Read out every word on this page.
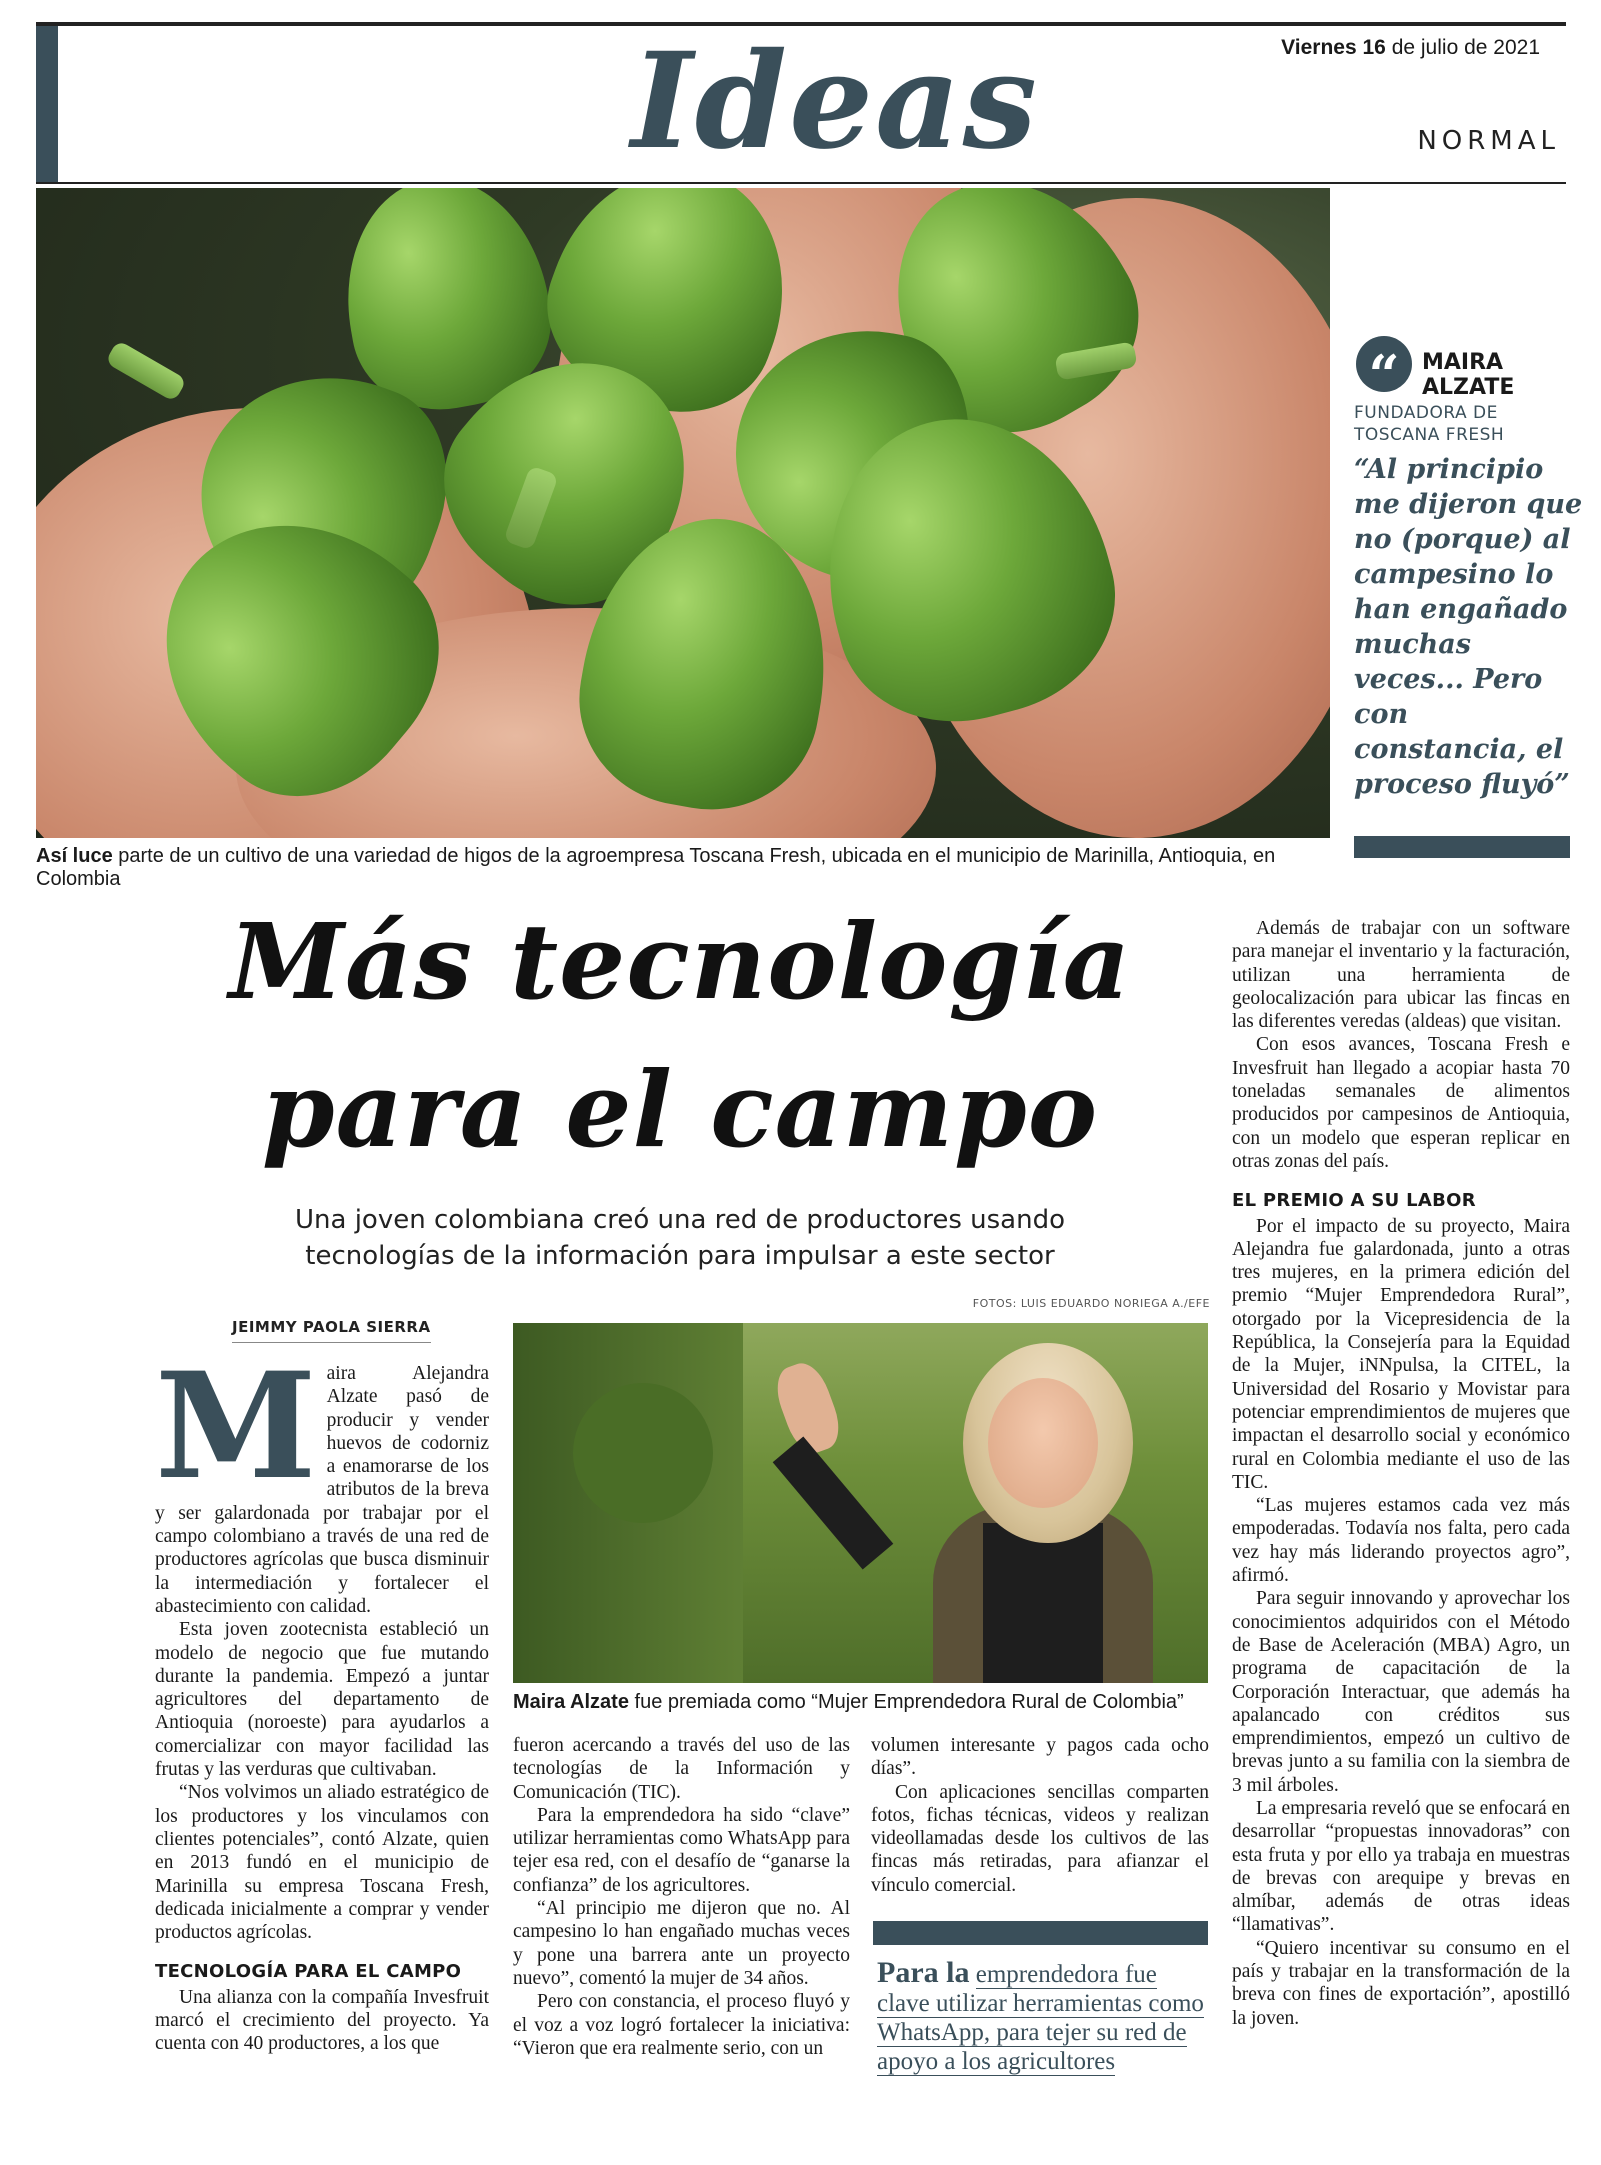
Ideas	Viernes 16 de julio de 2021
NORMAL
Así luce parte de un cultivo de una variedad de higos de la agroempresa Toscana Fresh, ubicada en el municipio de Marinilla, Antioquia, en Colombia
“	MAIRA
ALZATE
FUNDADORA DE
TOSCANA FRESH
“Al principio me dijeron que no (porque) al campesino lo han engañado muchas veces... Pero con constancia, el proceso fluyó”
Más tecnología
para el campo
Una joven colombiana creó una red de productores usando
tecnologías de la información para impulsar a este sector
FOTOS: LUIS EDUARDO NORIEGA A./EFE
JEIMMY PAOLA SIERRA
M aira Alejandra Alzate pasó de producir y vender huevos de codorniz a enamorarse de los atributos de la breva y ser galardonada por trabajar por el campo colombiano a través de una red de productores agrícolas que busca disminuir la intermediación y fortalecer el abastecimiento con calidad.

Esta joven zootecnista estableció un modelo de negocio que fue mutando durante la pandemia. Empezó a juntar agricultores del departamento de Antioquia (noroeste) para ayudarlos a comercializar con mayor facilidad las frutas y las verduras que cultivaban.

“Nos volvimos un aliado estratégico de los productores y los vinculamos con clientes potenciales”, contó Alzate, quien en 2013 fundó en el municipio de Marinilla su empresa Toscana Fresh, dedicada inicialmente a comprar y vender productos agrícolas.

TECNOLOGÍA PARA EL CAMPO

Una alianza con la compañía Invesfruit marcó el crecimiento del proyecto. Ya cuenta con 40 productores, a los que

Maira Alzate fue premiada como “Mujer Emprendedora Rural de Colombia”

fueron acercando a través del uso de las tecnologías de la Información y Comunicación (TIC).

Para la emprendedora ha sido “clave” utilizar herramientas como WhatsApp para tejer esa red, con el desafío de “ganarse la confianza” de los agricultores.

“Al principio me dijeron que no. Al campesino lo han engañado muchas veces y pone una barrera ante un proyecto nuevo”, comentó la mujer de 34 años.

Pero con constancia, el proceso fluyó y el voz a voz logró fortalecer la iniciativa: “Vieron que era realmente serio, con un

volumen interesante y pagos cada ocho días”.

Con aplicaciones sencillas comparten fotos, fichas técnicas, videos y realizan videollamadas desde los cultivos de las fincas más retiradas, para afianzar el vínculo comercial.

Para la emprendedora fue clave utilizar herramientas como WhatsApp, para tejer su red de apoyo a los agricultores

Además de trabajar con un software para manejar el inventario y la facturación, utilizan una herramienta de geolocalización para ubicar las fincas en las diferentes veredas (aldeas) que visitan.

Con esos avances, Toscana Fresh e Invesfruit han llegado a acopiar hasta 70 toneladas semanales de alimentos producidos por campesinos de Antioquia, con un modelo que esperan replicar en otras zonas del país.

EL PREMIO A SU LABOR

Por el impacto de su proyecto, Maira Alejandra fue galardonada, junto a otras tres mujeres, en la primera edición del premio “Mujer Emprendedora Rural”, otorgado por la Vicepresidencia de la República, la Consejería para la Equidad de la Mujer, iNNpulsa, la CITEL, la Universidad del Rosario y Movistar para potenciar emprendimientos de mujeres que impactan el desarrollo social y económico rural en Colombia mediante el uso de las TIC.

“Las mujeres estamos cada vez más empoderadas. Todavía nos falta, pero cada vez hay más liderando proyectos agro”, afirmó.

Para seguir innovando y aprovechar los conocimientos adquiridos con el Método de Base de Aceleración (MBA) Agro, un programa de capacitación de la Corporación Interactuar, que además ha apalancado con créditos sus emprendimientos, empezó un cultivo de brevas junto a su familia con la siembra de 3 mil árboles.

La empresaria reveló que se enfocará en desarrollar “propuestas innovadoras” con esta fruta y por ello ya trabaja en muestras de brevas con arequipe y brevas en almíbar, además de otras ideas “llamativas”.

“Quiero incentivar su consumo en el país y trabajar en la transformación de la breva con fines de exportación”, apostilló la joven.
